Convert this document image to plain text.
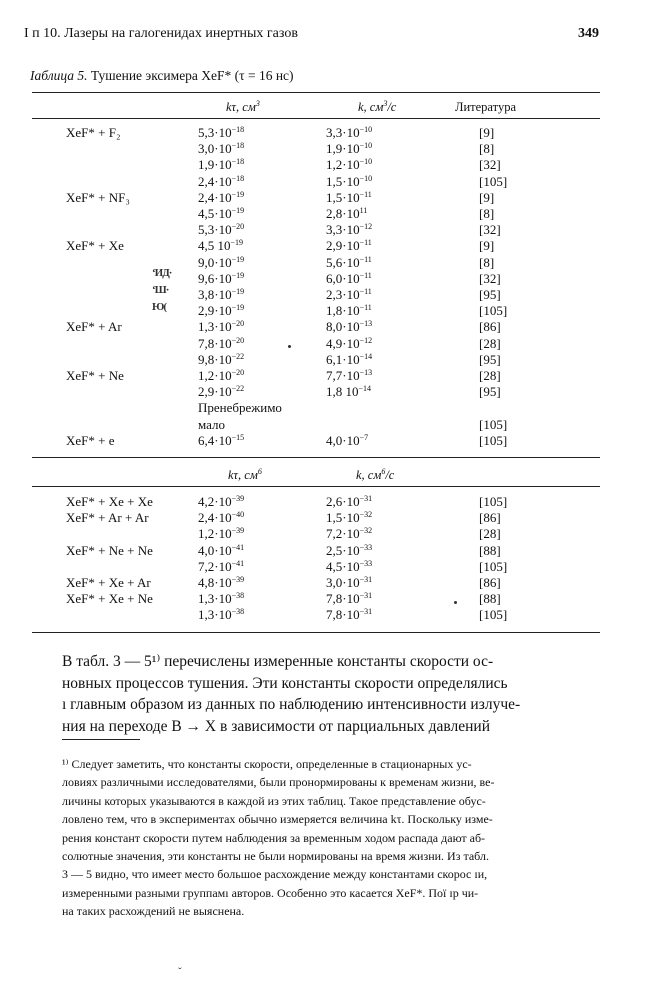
I п 10. Лазеры на галогенидах инертных газов	349
Iаблица 5. Тушение эксимера XeF* (τ = 16 нс)
kτ, $см^3$	k, $см^3/с$	Литература
XeF* + F₂	$5,3\cdot 10^{-18}$	$3,3\cdot 10^{-10}$	[9]
$3,0\cdot 10^{-18}$	$1,9\cdot 10^{-10}$	[8]
$1,9\cdot 10^{-18}$	$1,2\cdot 10^{-10}$	[32]
$2,4\cdot 10^{-18}$	$1,5\cdot 10^{-10}$	[105]
XeF* + NF₃	$2,4\cdot 10^{-19}$	$1,5\cdot 10^{-11}$	[9]
$4,5\cdot 10^{-19}$	$2,8\cdot 10^{11}$	[8]
$5,3\cdot 10^{-20}$	$3,3\cdot 10^{-12}$	[32]
XeF* + Xe	4,5 $10^{-19}$	$2,9\cdot 10^{-11}$	[9]
$9,0\cdot 10^{-19}$	$5,6\cdot 10^{-11}$	[8]
$9,6\cdot 10^{-19}$	$6,0\cdot 10^{-11}$	[32]
$3,8\cdot 10^{-19}$	$2,3\cdot 10^{-11}$	[95]
$2,9\cdot 10^{-19}$	$1,8\cdot 10^{-11}$	[105]
XeF* + Ar	$1,3\cdot 10^{-20}$	$8,0\cdot 10^{-13}$	[86]
$7,8\cdot 10^{-20}$	$4,9\cdot 10^{-12}$	[28]
$9,8\cdot 10^{-22}$	$6,1\cdot 10^{-14}$	[95]
XeF* + Ne	$1,2\cdot 10^{-20}$	$7,7\cdot 10^{-13}$	[28]
$2,9\cdot 10^{-22}$	1,8 $10^{-14}$	[95]
Пренебрежимо
мало	[105]
XeF* + e	$6,4\cdot 10^{-15}$	$4,0\cdot 10^{-7}$	[105]
ʻИД·
ʻШ·
Ю(
kτ, $см^6$	k, $см^6/с$
XeF* + Xe + Xe	$4,2\cdot 10^{-39}$	$2,6\cdot 10^{-31}$	[105]
XeF* + Ar + Ar	$2,4\cdot 10^{-40}$	$1,5\cdot 10^{-32}$	[86]
$1,2\cdot 10^{-39}$	$7,2\cdot 10^{-32}$	[28]
XeF* + Ne + Ne	$4,0\cdot 10^{-41}$	$2,5\cdot 10^{-33}$	[88]
$7,2\cdot 10^{-41}$	$4,5\cdot 10^{-33}$	[105]
XeF* + Xe + Ar	$4,8\cdot 10^{-39}$	$3,0\cdot 10^{-31}$	[86]
XeF* + Xe + Ne	$1,3\cdot 10^{-38}$	$7,8\cdot 10^{-31}$	[88]
$1,3\cdot 10^{-38}$	$7,8\cdot 10^{-31}$	[105]
В табл. 3 — 5¹⁾ перечислены измеренные константы скорости ос-
новных процессов тушения. Эти константы скорости определялись
ı главным образом из данных по наблюдению интенсивности излуче-
ния на переходе B → X в зависимости от парциальных давлений
¹⁾ Следует заметить, что константы скорости, определенные в стационарных ус-
ловиях различными исследователями, были пронормированы к временам жизни, ве-
личины которых указываются в каждой из этих таблиц. Такое представление обус-
ловлено тем, что в экспериментах обычно измеряется величина kτ. Поскольку изме-
рения констант скорости путем наблюдения за временным ходом распада дают аб-
солютные значения, эти константы не были нормированы на время жизни. Из табл.
3 — 5 видно, что имеет место большое расхождение между константами скорос ɪи,
измеренными разными группамı авторов. Особенно это касается XeF*. Пої ɪр чи-
на таких расхождений не выяснена.
ˇ
